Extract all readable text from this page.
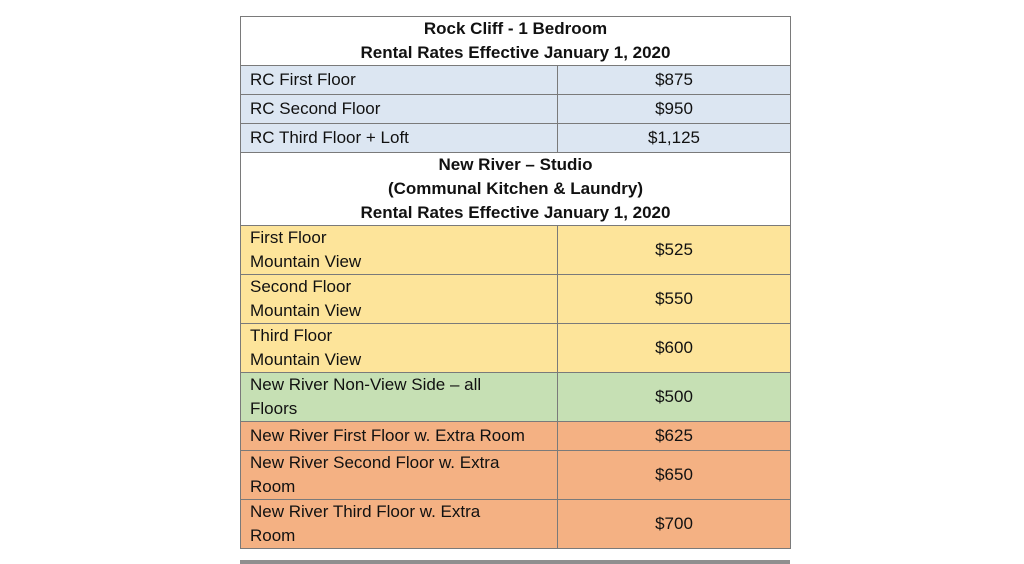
Rock Cliff - 1 Bedroom
Rental Rates Effective January 1, 2020	

RC First Floor	$875
RC Second Floor	$950
RC Third Floor + Loft	$1,125

New River – Studio
(Communal Kitchen & Laundry)
Rental Rates Effective January 1, 2020	

First Floor
Mountain View	$525

Second Floor
Mountain View	$550

Third Floor
Mountain View	$600

New River Non-View Side – all
Floors	$500

New River First Floor w. Extra Room	$625

New River Second Floor w. Extra
Room	$650

New River Third Floor w. Extra
Room	$700
